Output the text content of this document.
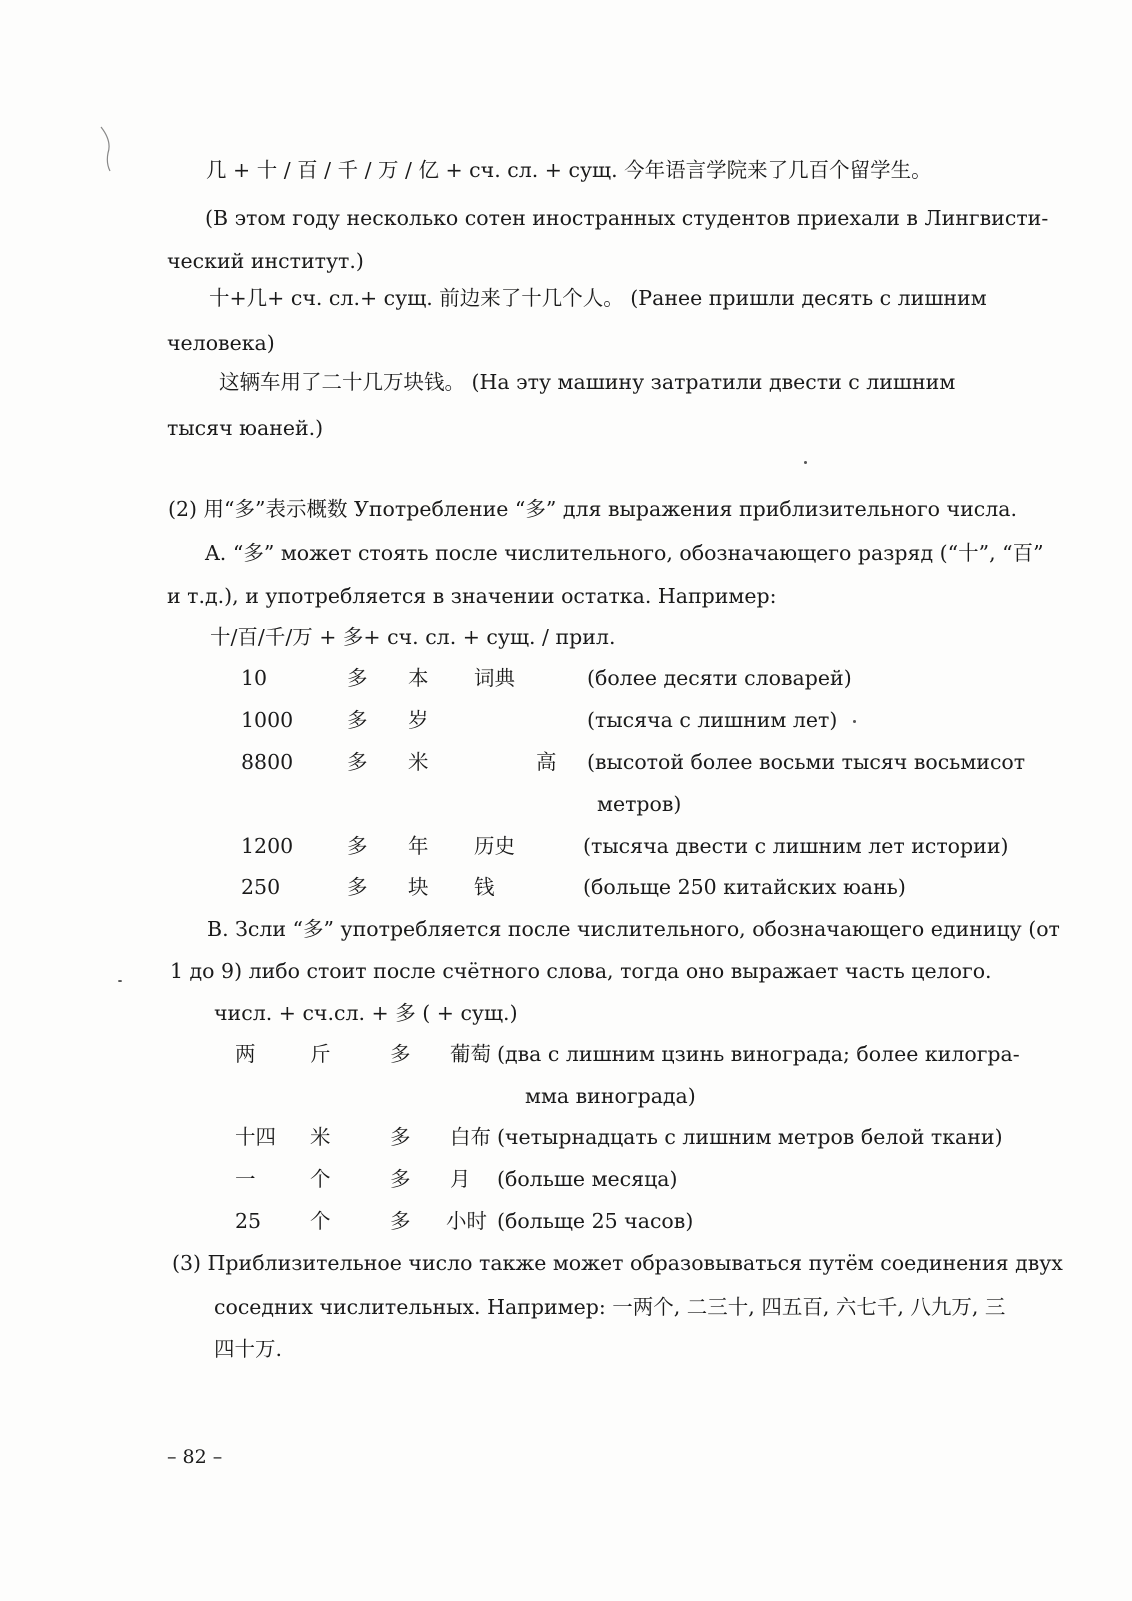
几 + 十 / 百 / 千 / 万 / 亿 + сч. сл. + сущ. 今年语言学院来了几百个留学生。
(В этом году несколько сотен иностранных студентов приехали в Лингвисти-
ческий институт.)
十+几+ сч. сл.+ сущ. 前边来了十几个人。 (Ранее пришли десять с лишним
человека)
这辆车用了二十几万块钱。 (На эту машину затратили двести с лишним
тысяч юаней.)
(2) 用“多”表示概数 Употребление “多” для выражения приблизительного числа.
A. “多” может стоять после числительного, обозначающего разряд (“十”, “百”
и т.д.), и употребляется в значении остатка. Например:
十/百/千/万 + 多+ сч. сл. + сущ. / прил.
10	多 本 词典	(более десяти словарей)
1000	多 岁	(тысяча с лишним лет)
8800	多 米	高 (высотой более восьми тысяч восьмисот
метров)
1200	多 年 历史	(тысяча двести с лишним лет истории)
250	多 块 钱	(больще 250 китайских юань)
B. Зсли “多” употребляется после числительного, обозначающего единицу (от
1 до 9) либо стоит после счётного слова, тогда оно выражает часть целого.
числ. + сч.сл. + 多 ( + сущ.)
两	斤	多 葡萄 (два с лишним цзинь винограда; более килогра-
мма винограда)
十四 米	多 白布 (четырнадцать с лишним метров белой ткани)
一	个	多 月 (больше месяца)
25 个	多 小时 (больще 25 часов)
(3) Приблизительное число также может образовываться путём соединения двух
соседних числительных. Например: 一两个, 二三十, 四五百, 六七千, 八九万, 三
四十万.
– 82 –
